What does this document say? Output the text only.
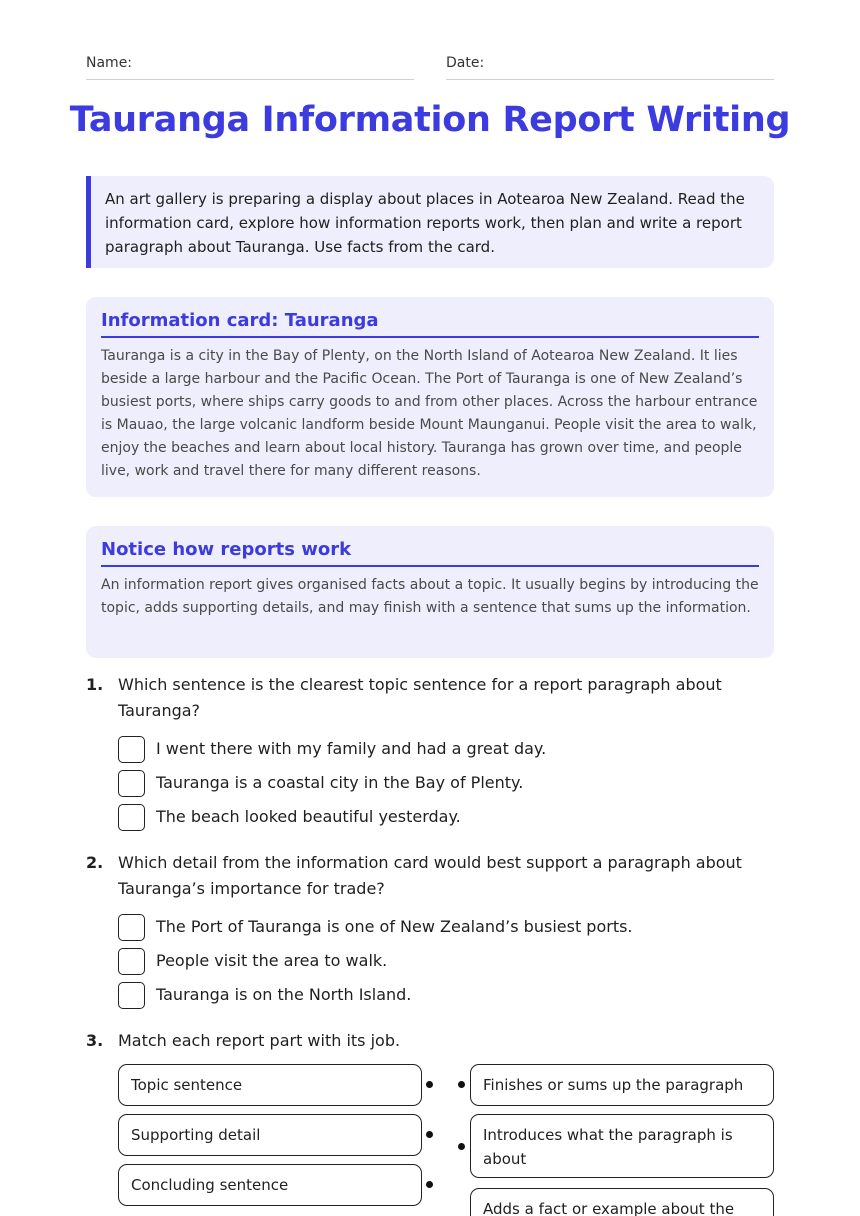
Name:	Date:
Tauranga Information Report Writing

An art gallery is preparing a display about places in Aotearoa New Zealand. Read the information card, explore how information reports work, then plan and write a report paragraph about Tauranga. Use facts from the card.

Information card: Tauranga

Tauranga is a city in the Bay of Plenty, on the North Island of Aotearoa New Zealand. It lies beside a large harbour and the Pacific Ocean. The Port of Tauranga is one of New Zealand’s busiest ports, where ships carry goods to and from other places. Across the harbour entrance is Mauao, the large volcanic landform beside Mount Maunganui. People visit the area to walk, enjoy the beaches and learn about local history. Tauranga has grown over time, and people live, work and travel there for many different reasons.

Notice how reports work

An information report gives organised facts about a topic. It usually begins by introducing the topic, adds supporting details, and may finish with a sentence that sums up the information.

1. Which sentence is the clearest topic sentence for a report paragraph about Tauranga?
I went there with my family and had a great day.
Tauranga is a coastal city in the Bay of Plenty.
The beach looked beautiful yesterday.
2. Which detail from the information card would best support a paragraph about Tauranga’s importance for trade?
The Port of Tauranga is one of New Zealand’s busiest ports.
People visit the area to walk.
Tauranga is on the North Island.
3. Match each report part with its job.
Topic sentence
Supporting detail
Concluding sentence
Finishes or sums up the paragraph
Introduces what the paragraph is about
Adds a fact or example about the
